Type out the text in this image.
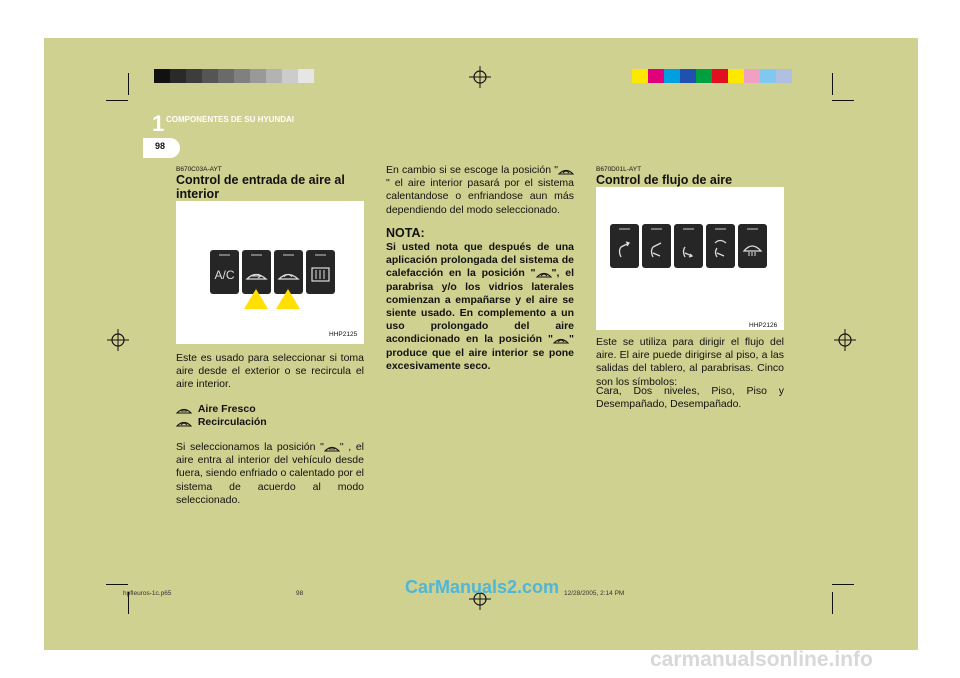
1 COMPONENTES DE SU HYUNDAI
98
B670C03A-AYT
Control de entrada de aire al interior
A/C
HHP2125
Este es usado para seleccionar si toma aire desde el exterior o se recircula el aire interior.
Aire Fresco
Recirculación
Si seleccionamos la posición " " , el aire entra al interior del vehículo desde fuera, siendo enfriado o calentado por el sistema de acuerdo al modo seleccionado.
En cambio si se escoge la posición "" el aire interior pasará por el sistema calentandose o enfriandose aun más dependiendo del modo seleccionado.
NOTA:
Si usted nota que después de una aplicación prolongada del sistema de calefacción en la posición " ", el parabrisa y/o los vidrios laterales comienzan a empañarse y el aire se siente usado. En complemento a un uso prolongado del aire acondicionado en la posición " " produce que el aire interior se pone excesivamente seco.
B670D01L-AYT
Control de flujo de aire
HHP2126
Este se utiliza para dirigir el flujo del aire. El aire puede dirigirse al piso, a las salidas del tablero, al parabrisas. Cinco son los símbolos:
Cara, Dos niveles, Piso, Piso y Desempañado, Desempañado.
hpfleuros-1c.p65	98	12/28/2005, 2:14 PM
CarManuals2.com
carmanualsonline.info
